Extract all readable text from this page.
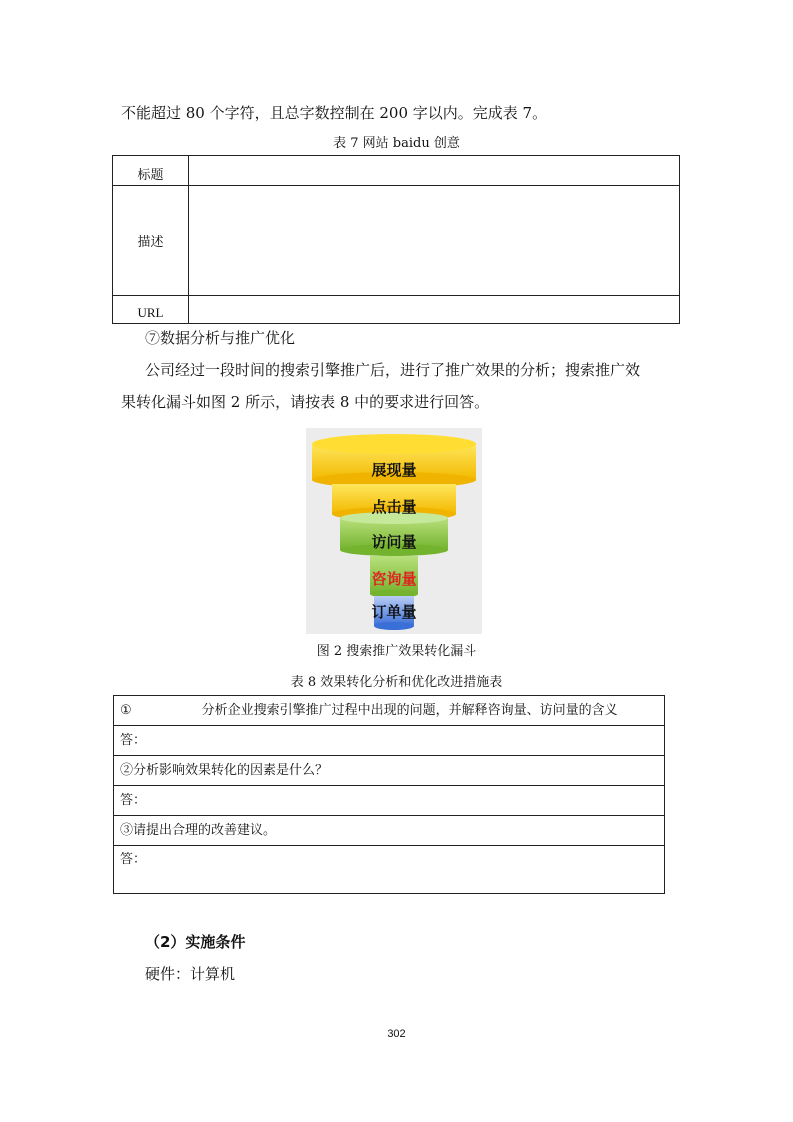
不能超过 80 个字符，且总字数控制在 200 字以内。完成表 7。
表 7 网站 baidu 创意
标题	
描述	
URL	
⑦数据分析与推广优化
公司经过一段时间的搜索引擎推广后，进行了推广效果的分析；搜索推广效
果转化漏斗如图 2 所示，请按表 8 中的要求进行回答。
展现量
点击量
访问量
咨询量
订单量
图 2 搜索推广效果转化漏斗
表 8 效果转化分析和优化改进措施表
①	分析企业搜索引擎推广过程中出现的问题，并解释咨询量、访问量的含义
答：
②分析影响效果转化的因素是什么？
答：
③请提出合理的改善建议。
答：
（2）实施条件
硬件：计算机
302
